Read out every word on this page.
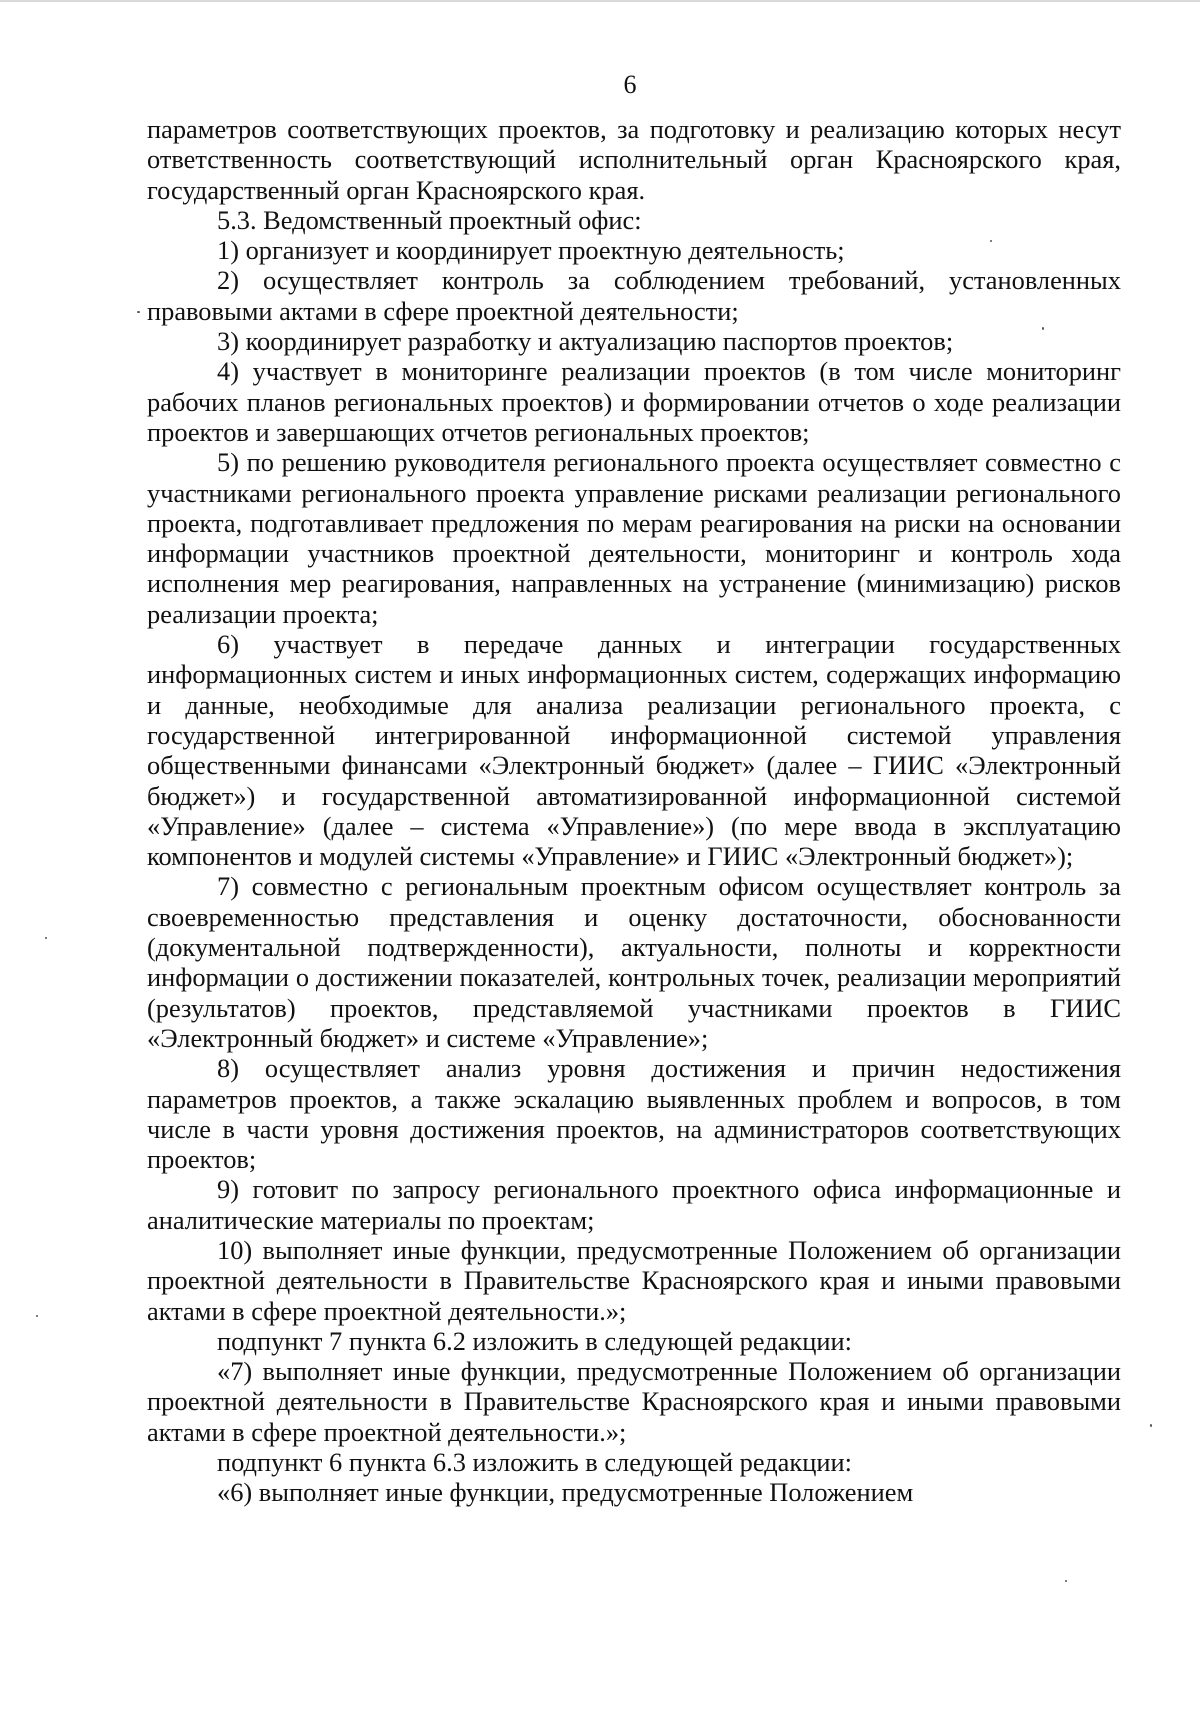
6

параметров соответствующих проектов, за подготовку и реализацию которых несут ответственность соответствующий исполнительный орган Красноярского края, государственный орган Красноярского края.

5.3. Ведомственный проектный офис:

1) организует и координирует проектную деятельность;

2) осуществляет контроль за соблюдением требований, установленных правовыми актами в сфере проектной деятельности;

3) координирует разработку и актуализацию паспортов проектов;

4) участвует в мониторинге реализации проектов (в том числе мониторинг рабочих планов региональных проектов) и формировании отчетов о ходе реализации проектов и завершающих отчетов региональных проектов;

5) по решению руководителя регионального проекта осуществляет совместно с участниками регионального проекта управление рисками реализации регионального проекта, подготавливает предложения по мерам реагирования на риски на основании информации участников проектной деятельности, мониторинг и контроль хода исполнения мер реагирования, направленных на устранение (минимизацию) рисков реализации проекта;

6) участвует в передаче данных и интеграции государственных информационных систем и иных информационных систем, содержащих информацию и данные, необходимые для анализа реализации регионального проекта, с государственной интегрированной информационной системой управления общественными финансами «Электронный бюджет» (далее – ГИИС «Электронный бюджет») и государственной автоматизированной информационной системой «Управление» (далее – система «Управление») (по мере ввода в эксплуатацию компонентов и модулей системы «Управление» и ГИИС «Электронный бюджет»);

7) совместно с региональным проектным офисом осуществляет контроль за своевременностью представления и оценку достаточности, обоснованности (документальной подтвержденности), актуальности, полноты и корректности информации о достижении показателей, контрольных точек, реализации мероприятий (результатов) проектов, представляемой участниками проектов в ГИИС «Электронный бюджет» и системе «Управление»;

8) осуществляет анализ уровня достижения и причин недостижения параметров проектов, а также эскалацию выявленных проблем и вопросов, в том числе в части уровня достижения проектов, на администраторов соответствующих проектов;

9) готовит по запросу регионального проектного офиса информационные и аналитические материалы по проектам;

10) выполняет иные функции, предусмотренные Положением об организации проектной деятельности в Правительстве Красноярского края и иными правовыми актами в сфере проектной деятельности.»;

подпункт 7 пункта 6.2 изложить в следующей редакции:

«7) выполняет иные функции, предусмотренные Положением об организации проектной деятельности в Правительстве Красноярского края и иными правовыми актами в сфере проектной деятельности.»;

подпункт 6 пункта 6.3 изложить в следующей редакции:

«6) выполняет иные функции, предусмотренные Положением
